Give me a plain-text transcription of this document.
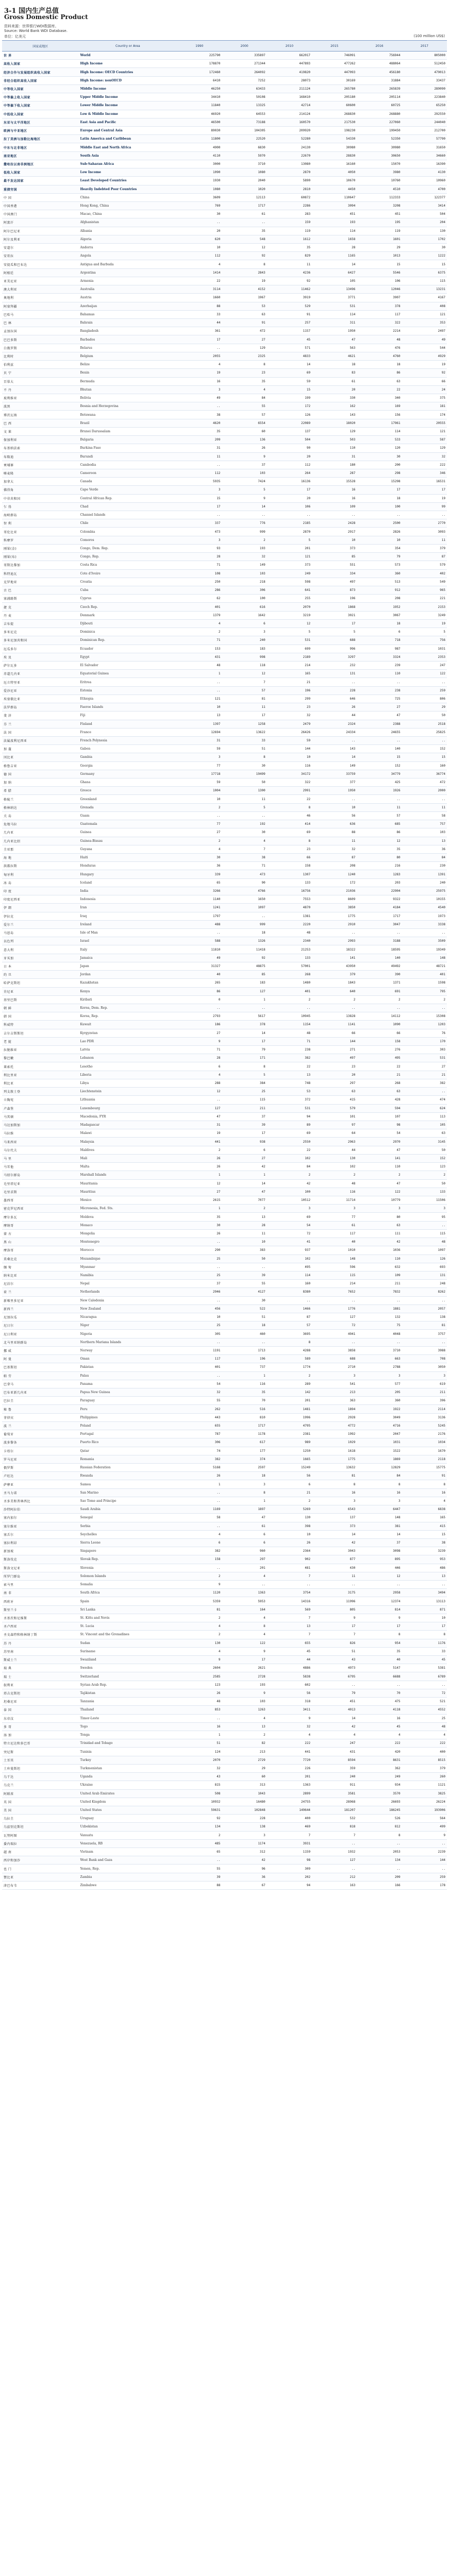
3-1 国内生产总值
Gross Domestic Product
资料来源：世界银行WDI数据库。
Source: World Bank WDI Database.
单位：亿美元	(100 million US$)
国家或地区	Country or Area	1990	2000	2010	2015	2016	2017
世 界	World	225790	335897	662017	746091	756944	805000
高收入国家	High Income	178870	271344	447893	477262	488064	512450
经济合作与发展组织高收入国家	High Income: OECD Countries	172460	264092	419820	447093	456180	479013
非经合组织高收入国家	High Income: nonOECD	6410	7252	28073	30169	31884	33437
中等收入国家	Middle Income	46250	63433	211124	265780	265839	289090
中等偏上收入国家	Upper Middle Income	34410	50108	168410	205180	205114	223840
中等偏下收入国家	Lower Middle Income	11840	13325	42714	60600	60725	65250
中低收入国家	Low & Middle Income	46920	64553	214124	268830	268880	292550
东亚与太平洋地区	East Asia and Pacific	46500	73188	160570	217530	227060	244040
欧洲与中亚地区	Europe and Central Asia	89030	104305	209920	198230	199450	212700
拉丁美洲与加勒比海地区	Latin America and Caribbean	11800	22520	52280	54330	52350	57790
中东与北非地区	Middle East and North Africa	4900	6830	24130	30980	30980	31650
南亚地区	South Asia	4110	5970	22670	28830	30650	34660
撒哈拉以南非洲地区	Sub-Saharan Africa	3000	3710	13080	16160	15070	16390
低收入国家	Low Income	1090	1080	2870	4050	3980	4130
最不发达国家	Least Developed Countries	1930	2040	5890	10670	10760	10960
重债穷国	Heavily Indebted Poor Countries	1080	1020	2810	4450	4510	4700
中 国	China	3609	12113	60872	110647	112333	122377
中国香港	Hong Kong, China	769	1717	2286	3094	3208	3414
中国澳门	Macao, China	30	61	283	451	451	504
阿富汗	Afghanistan	..	..	159	193	195	204
阿尔巴尼亚	Albania	20	35	119	114	119	130
阿尔及利亚	Algeria	620	548	1612	1658	1601	1702
安道尔	Andorra	10	12	35	28	29	30
安哥拉	Angola	112	92	829	1165	1013	1222
安提瓜和巴布达	Antigua and Barbuda	4	8	11	14	15	15
阿根廷	Argentina	1414	2843	4236	6427	5546	6375
亚美尼亚	Armenia	22	19	92	105	106	115
澳大利亚	Australia	3114	4152	11462	13496	12046	13231
奥地利	Austria	1660	1967	3919	3771	3907	4167
阿塞拜疆	Azerbaijan	88	53	529	531	378	408
巴哈马	Bahamas	33	63	91	114	117	121
巴 林	Bahrain	44	91	257	311	322	353
孟加拉国	Bangladesh	361	472	1157	1950	2214	2497
巴巴多斯	Barbados	17	27	45	47	48	49
白俄罗斯	Belarus	..	129	571	563	476	544
比利时	Belgium	2055	2325	4833	4621	4760	4929
伯利兹	Belize	4	8	14	18	18	19
贝 宁	Benin	19	23	69	83	86	92
百慕大	Bermuda	16	35	59	61	63	66
不 丹	Bhutan	3	4	15	20	22	24
玻利维亚	Bolivia	49	84	199	330	340	375
波黑	Bosnia and Herzegovina	..	55	172	162	169	181
博茨瓦纳	Botswana	38	57	126	143	156	174
巴 西	Brazil	4620	6554	22089	18020	17961	20555
文 莱	Brunei Darussalam	35	60	137	129	114	121
保加利亚	Bulgaria	209	136	504	503	533	587
布基纳法索	Burkina Faso	31	26	90	110	120	129
布隆迪	Burundi	11	9	20	31	30	32
柬埔寨	Cambodia	..	37	112	180	200	222
喀麦隆	Cameroon	112	103	264	287	298	346
加拿大	Canada	5935	7424	16136	15528	15298	16531
佛得角	Cape Verde	3	5	17	16	17	17
中非共和国	Central African Rep.	15	9	20	16	18	19
乍 得	Chad	17	14	106	109	100	99
海峡群岛	Channel Islands	..	..	..	..	..	..
智 利	Chile	337	776	2185	2428	2500	2770
哥伦比亚	Colombia	473	999	2870	2917	2826	3093
科摩罗	Comoros	3	2	5	10	10	11
刚果(金)	Congo, Dem. Rep.	93	193	201	373	354	379
刚果(布)	Congo, Rep.	28	32	121	85	79	87
哥斯达黎加	Costa Rica	71	149	373	551	573	579
科特迪瓦	Cote d'Ivoire	108	103	249	334	360	402
克罗地亚	Croatia	250	218	598	497	513	549
古 巴	Cuba	286	306	641	873	912	965
塞浦路斯	Cyprus	62	100	255	196	208	221
捷 克	Czech Rep.	401	616	2070	1868	1952	2153
丹 麦	Denmark	1379	1642	3219	3021	3067	3249
吉布提	Djibouti	4	6	12	17	18	19
多米尼克	Dominica	2	3	5	5	6	5
多米尼加共和国	Dominican Rep.	71	240	531	688	718	756
厄瓜多尔	Ecuador	153	183	699	996	987	1031
埃 及	Egypt	431	998	2189	3297	3324	2353
萨尔瓦多	El Salvador	48	118	214	232	239	247
赤道几内亚	Equatorial Guinea	1	12	165	131	110	122
厄立特里亚	Eritrea	..	7	21	..	..	..
爱沙尼亚	Estonia	..	57	196	228	238	259
埃塞俄比亚	Ethiopia	121	81	299	646	725	806
法罗群岛	Faeroe Islands	10	11	23	26	27	29
斐 济	Fiji	13	17	32	44	47	50
芬 兰	Finland	1397	1258	2479	2324	2388	2518
法 国	France	12694	13622	26426	24334	24655	25825
法属波利尼西亚	French Polynesia	31	33	59	..	..	..
加 蓬	Gabon	59	51	144	143	140	152
冈比亚	Gambia	3	8	10	14	15	15
格鲁吉亚	Georgia	77	30	116	149	152	160
德 国	Germany	17718	19499	34172	33759	34779	36774
加 纳	Ghana	59	50	322	377	425	472
希 腊	Greece	1004	1300	2991	1950	1926	2000
格陵兰	Greenland	10	11	22	..	..	..
格林纳达	Grenada	2	5	8	10	11	11
关 岛	Guam	..	..	46	56	57	58
危地马拉	Guatemala	77	192	414	636	685	757
几内亚	Guinea	27	30	69	88	86	103
几内亚比绍	Guinea-Bissau	2	4	8	11	12	13
圭亚那	Guyana	4	7	23	32	35	36
海 地	Haiti	30	38	66	87	80	84
洪都拉斯	Honduras	36	71	158	208	216	230
匈牙利	Hungary	339	473	1307	1240	1283	1391
冰 岛	Iceland	65	90	133	172	203	240
印 度	India	3266	4766	16756	21036	22904	25975
印度尼西亚	Indonesia	1140	1650	7553	8609	9322	10155
伊 朗	Iran	1241	1097	4870	3850	4184	4540
伊拉克	Iraq	1797	..	1381	1775	1717	1973
爱尔兰	Ireland	488	999	2220	2910	3047	3338
马恩岛	Isle of Man	..	18	48	..	..	..
以色列	Israel	588	1326	2340	2993	3188	3509
意大利	Italy	11810	11418	21253	18322	18595	19349
牙买加	Jamaica	49	92	133	141	140	148
日 本	Japan	31327	48875	57001	43950	49492	48721
约 旦	Jordan	40	85	268	379	390	401
哈萨克斯坦	Kazakhstan	265	183	1480	1843	1371	1598
肯尼亚	Kenya	86	127	401	640	691	795
基里巴斯	Kiribati	0	1	2	2	2	2
朝 鲜	Korea, Dem. Rep.	..	..	..	..	..	..
韩 国	Korea, Rep.	2793	5617	10945	13828	14112	15308
科威特	Kuwait	186	378	1154	1141	1090	1203
吉尔吉斯斯坦	Kyrgyzstan	27	14	48	66	66	76
老 挝	Lao PDR	9	17	71	144	158	170
拉脱维亚	Latvia	71	79	238	271	276	303
黎巴嫩	Lebanon	28	171	382	497	495	531
莱索托	Lesotho	6	8	22	23	22	27
利比里亚	Liberia	4	5	13	20	21	21
利比亚	Libya	288	384	748	297	268	382
列支敦士登	Liechtenstein	12	25	53	63	63	..
立陶宛	Lithuania	..	115	372	415	428	474
卢森堡	Luxembourg	127	211	531	579	594	624
马其顿	Macedonia, FYR	47	37	94	101	107	113
马达加斯加	Madagascar	31	39	89	97	98	105
马拉维	Malawi	19	17	69	64	54	63
马来西亚	Malaysia	441	938	2550	2963	2970	3145
马尔代夫	Maldives	2	6	22	44	47	50
马 里	Mali	26	27	102	130	141	152
马耳他	Malta	26	42	84	102	110	123
马绍尔群岛	Marshall Islands	1	1	2	2	2	2
毛里塔尼亚	Mauritania	12	14	42	48	47	50
毛里求斯	Mauritius	27	47	100	116	122	133
墨西哥	Mexico	2615	7077	10512	11714	10779	11506
密克罗尼西亚	Micronesia, Fed. Sts.	1	2	3	3	3	3
摩尔多瓦	Moldova	35	13	69	77	80	95
摩纳哥	Monaco	30	28	54	61	63	..
蒙 古	Mongolia	26	11	72	117	111	115
黑 山	Montenegro	..	10	41	40	42	48
摩洛哥	Morocco	290	383	937	1010	1036	1097
莫桑比克	Mozambique	25	50	102	148	110	126
缅 甸	Myanmar	..	..	495	596	632	693
纳米比亚	Namibia	25	39	114	115	109	131
尼泊尔	Nepal	37	55	160	214	211	248
荷 兰	Netherlands	2946	4127	8380	7652	7832	8262
新喀里多尼亚	New Caledonia	..	30	..	..	..	..
新西兰	New Zealand	456	522	1466	1776	1881	2057
尼加拉瓜	Nicaragua	10	51	87	127	132	138
尼日尔	Niger	25	18	57	72	75	81
尼日利亚	Nigeria	305	460	3695	4941	4048	3757
北马里亚纳群岛	Northern Mariana Islands	..	..	8	..	..	..
挪 威	Norway	1191	1713	4288	3858	3710	3988
阿 曼	Oman	117	196	589	688	663	708
巴基斯坦	Pakistan	401	737	1774	2710	2788	3050
帕 劳	Palau	..	1	2	3	3	3
巴拿马	Panama	54	116	289	541	577	619
巴布亚新几内亚	Papua New Guinea	32	35	142	213	205	211
巴拉圭	Paraguay	55	70	201	363	360	396
秘 鲁	Peru	262	516	1481	1894	1922	2114
菲律宾	Philippines	443	810	1996	2928	3049	3136
波 兰	Poland	655	1717	4795	4772	4716	5245
葡萄牙	Portugal	787	1178	2381	1992	2047	2176
波多黎各	Puerto Rico	306	617	989	1029	1031	1034
卡塔尔	Qatar	74	177	1250	1618	1522	1670
罗马尼亚	Romania	382	374	1665	1775	1869	2118
俄罗斯	Russian Federation	5168	2597	15249	13632	12829	15775
卢旺达	Rwanda	26	18	56	81	84	91
萨摩亚	Samoa	1	3	6	8	8	8
圣马力诺	San Marino	..	8	21	16	16	16
圣多美和普林西比	Sao Tome and Principe	..	1	2	3	3	4
沙特阿拉伯	Saudi Arabia	1169	1897	5269	6543	6447	6838
塞内加尔	Senegal	58	47	130	137	148	165
塞尔维亚	Serbia	..	61	398	373	381	415
塞舌尔	Seychelles	4	6	10	14	14	15
塞拉利昂	Sierra Leone	6	6	26	42	37	38
新加坡	Singapore	382	960	2364	3043	3098	3239
斯洛伐克	Slovak Rep.	158	297	902	877	895	953
斯洛文尼亚	Slovenia	..	201	481	430	446	486
所罗门群岛	Solomon Islands	2	4	7	11	12	13
索马里	Somalia	9	..	..	..	..	..
南 非	South Africa	1120	1363	3754	3175	2958	3494
西班牙	Spain	5359	5953	14316	11996	12374	13113
斯里兰卡	Sri Lanka	81	164	569	805	814	871
圣基茨和尼维斯	St. Kitts and Nevis	2	4	7	9	9	10
圣卢西亚	St. Lucia	4	8	13	17	17	17
圣文森特和格林纳丁斯	St. Vincent and the Grenadines	2	4	7	7	8	8
苏 丹	Sudan	130	122	655	826	954	1176
苏里南	Suriname	4	9	45	51	35	33
斯威士兰	Swaziland	9	17	44	43	40	45
瑞 典	Sweden	2604	2621	4886	4973	5147	5381
瑞 士	Switzerland	2585	2728	5838	6795	6688	6789
叙利亚	Syrian Arab Rep.	123	193	602	..	..	..
塔吉克斯坦	Tajikistan	26	9	56	79	70	72
坦桑尼亚	Tanzania	48	103	318	451	475	521
泰 国	Thailand	853	1263	3411	4013	4118	4552
东帝汶	Timor-Leste	..	4	9	14	16	25
多 哥	Togo	16	13	32	42	45	48
汤 加	Tonga	1	2	4	4	4	4
特立尼达和多巴哥	Trinidad and Tobago	51	82	222	247	222	222
突尼斯	Tunisia	124	213	441	431	420	400
土耳其	Turkey	2070	2729	7720	8594	8631	8515
土库曼斯坦	Turkmenistan	32	29	226	359	362	379
乌干达	Uganda	43	60	201	240	249	260
乌克兰	Ukraine	815	313	1363	911	934	1121
阿联酋	United Arab Emirates	508	1043	2899	3581	3570	3825
英 国	United Kingdom	10932	16480	24755	28968	26693	26224
美 国	United States	59631	102848	149644	181207	186245	193906
乌拉圭	Uruguay	92	228	400	532	526	564
乌兹别克斯坦	Uzbekistan	134	138	469	818	812	499
瓦努阿图	Vanuatu	2	3	7	7	8	9
委内瑞拉	Venezuela, RB	485	1174	3931	..	..	..
越 南	Vietnam	65	312	1159	1932	2053	2239
西岸和加沙	West Bank and Gaza	..	42	98	127	134	144
也 门	Yemen, Rep.	55	96	309	..	..	..
赞比亚	Zambia	39	36	202	212	209	259
津巴布韦	Zimbabwe	88	67	94	163	166	178
